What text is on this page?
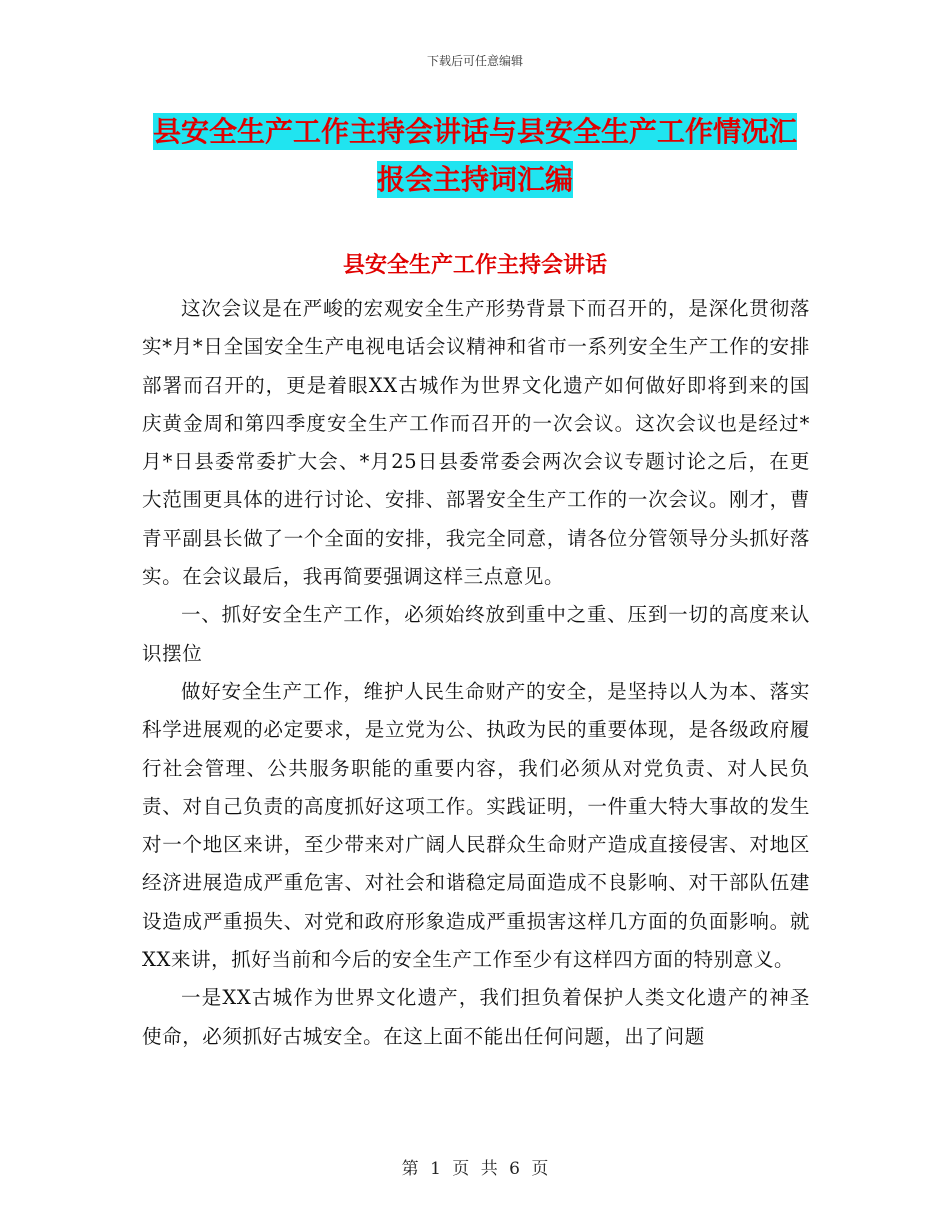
下载后可任意编辑
县安全生产工作主持会讲话与县安全生产工作情况汇
报会主持词汇编
县安全生产工作主持会讲话

这次会议是在严峻的宏观安全生产形势背景下而召开的，是深化贯彻落实*月*日全国安全生产电视电话会议精神和省市一系列安全生产工作的安排部署而召开的，更是着眼XX古城作为世界文化遗产如何做好即将到来的国庆黄金周和第四季度安全生产工作而召开的一次会议。这次会议也是经过*月*日县委常委扩大会、*月25日县委常委会两次会议专题讨论之后，在更大范围更具体的进行讨论、安排、部署安全生产工作的一次会议。刚才，曹青平副县长做了一个全面的安排，我完全同意，请各位分管领导分头抓好落实。在会议最后，我再简要强调这样三点意见。

一、抓好安全生产工作，必须始终放到重中之重、压到一切的高度来认识摆位

做好安全生产工作，维护人民生命财产的安全，是坚持以人为本、落实科学进展观的必定要求，是立党为公、执政为民的重要体现，是各级政府履行社会管理、公共服务职能的重要内容，我们必须从对党负责、对人民负责、对自己负责的高度抓好这项工作。实践证明，一件重大特大事故的发生对一个地区来讲，至少带来对广阔人民群众生命财产造成直接侵害、对地区经济进展造成严重危害、对社会和谐稳定局面造成不良影响、对干部队伍建设造成严重损失、对党和政府形象造成严重损害这样几方面的负面影响。就XX来讲，抓好当前和今后的安全生产工作至少有这样四方面的特别意义。

一是XX古城作为世界文化遗产，我们担负着保护人类文化遗产的神圣使命，必须抓好古城安全。在这上面不能出任何问题，出了问题

第 1 页 共 6 页
